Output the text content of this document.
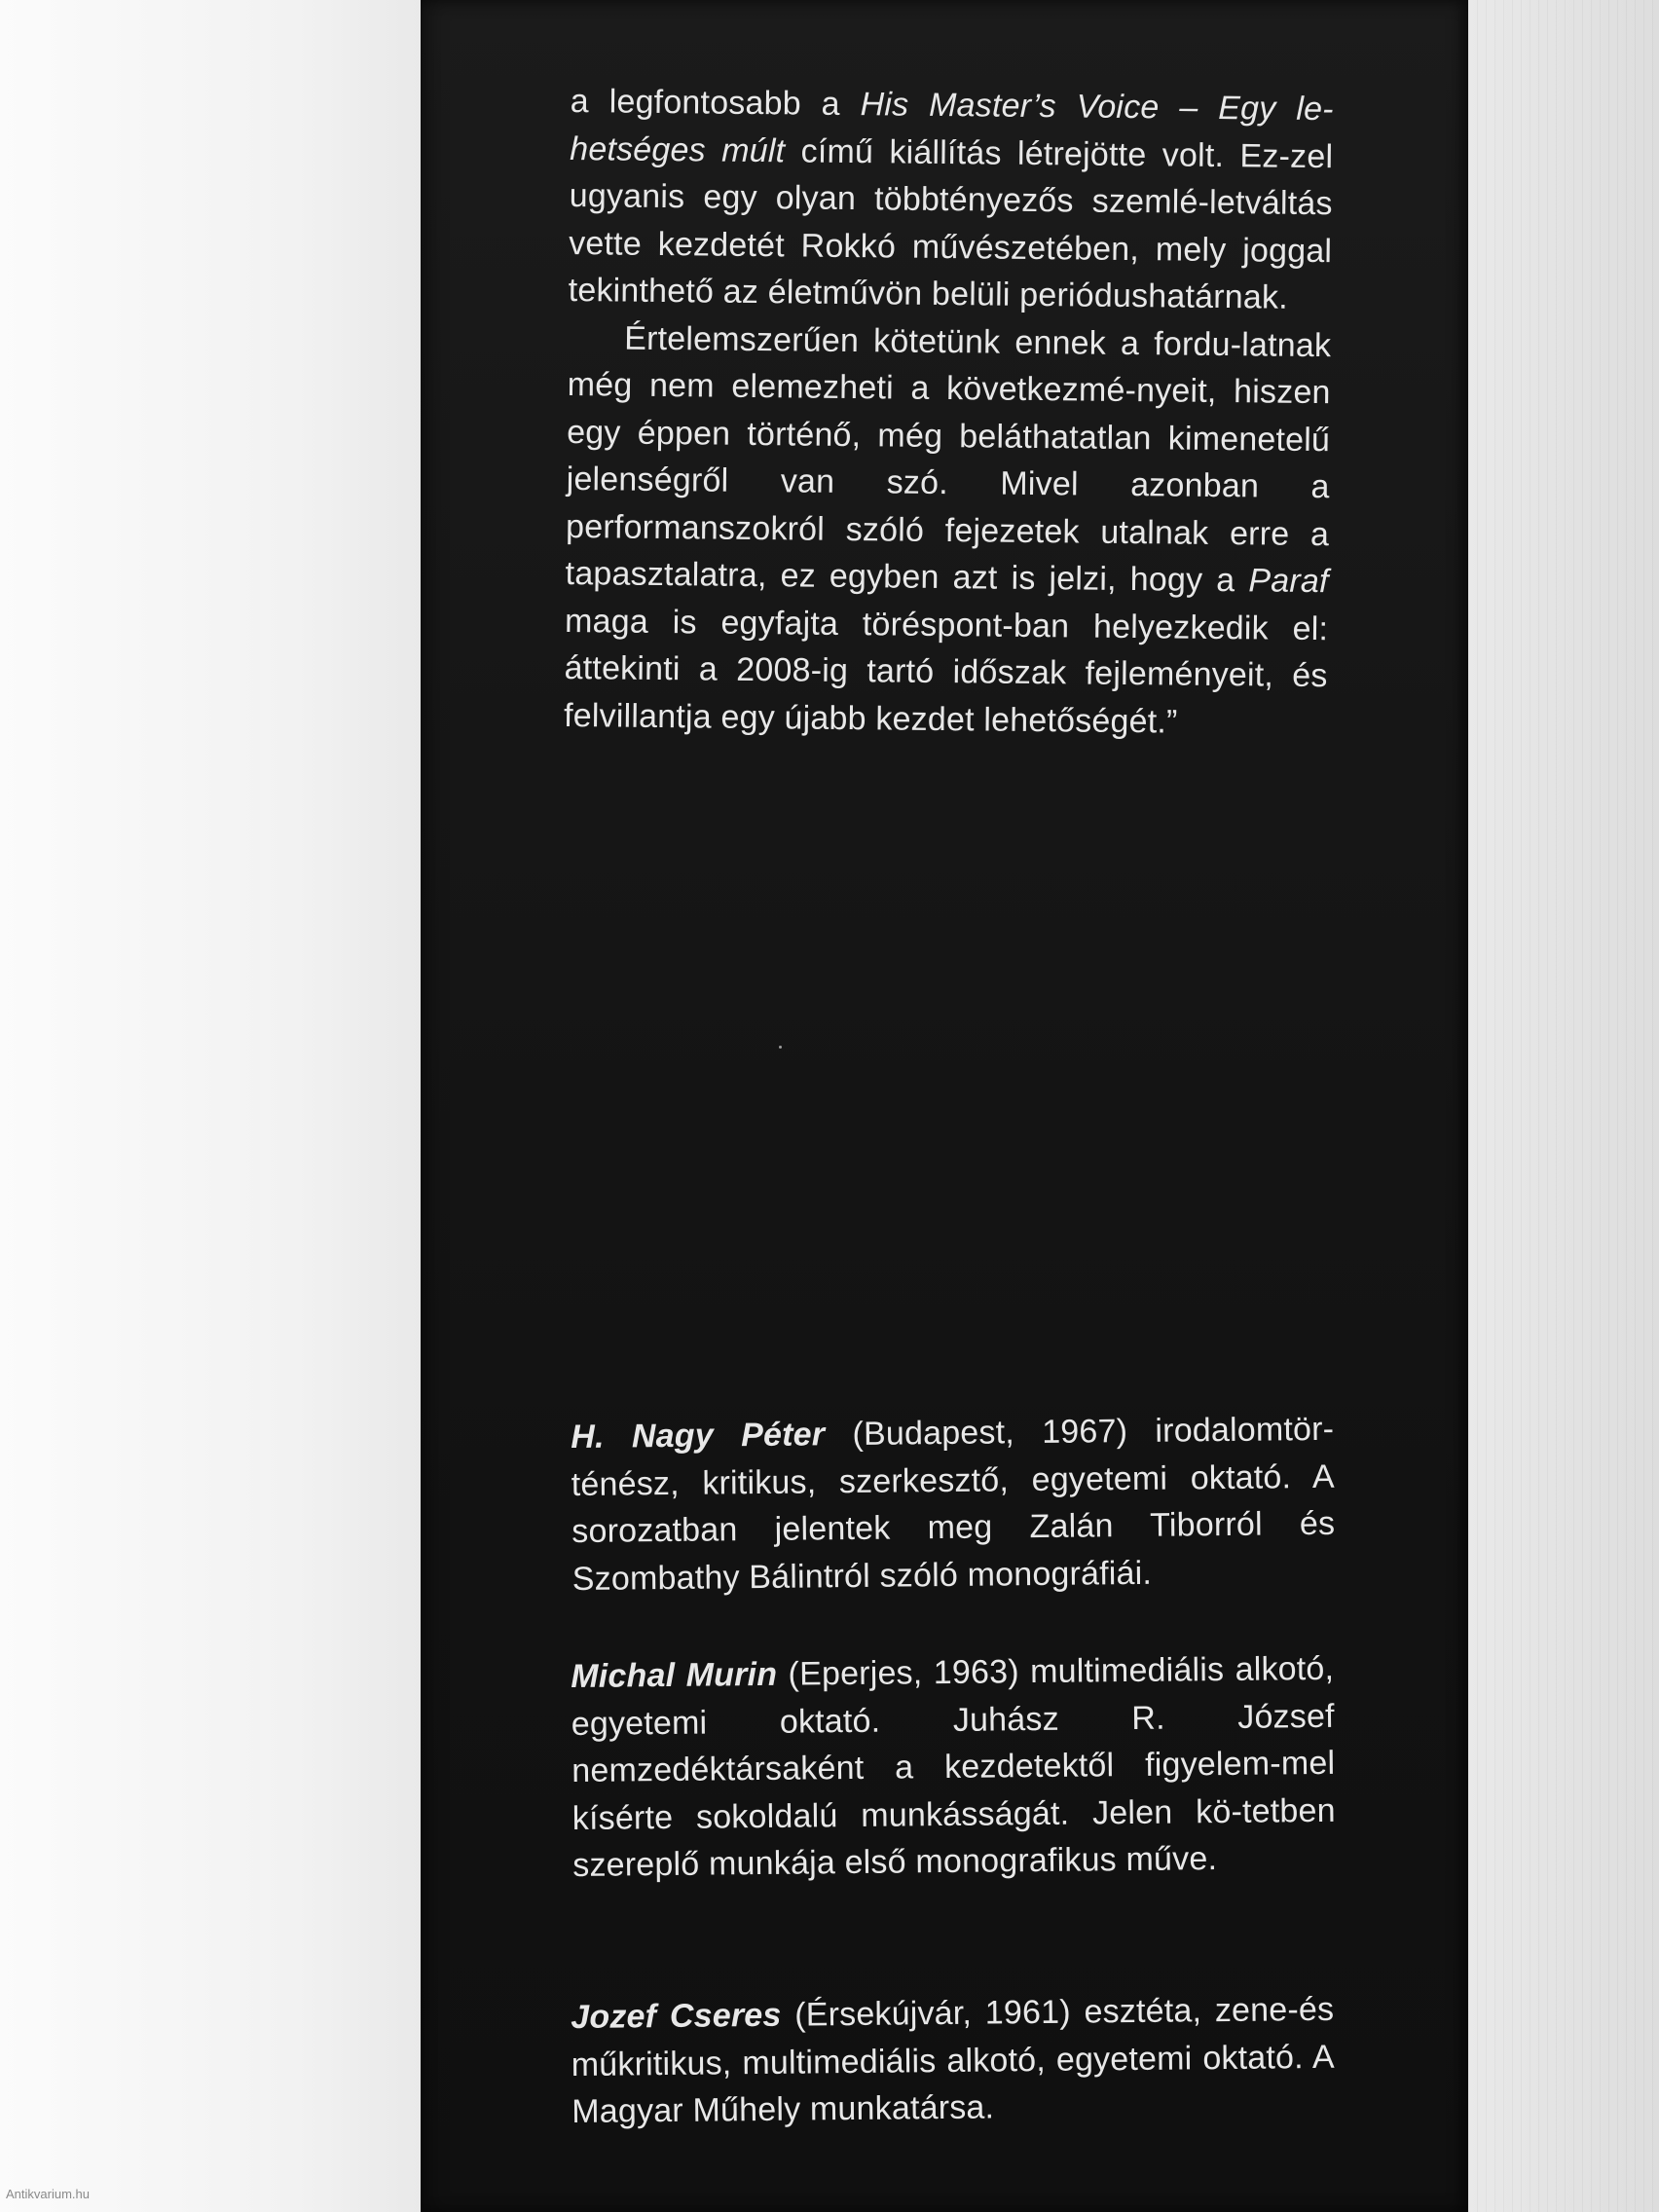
a legfontosabb a His Master’s Voice – Egy le-hetséges múlt című kiállítás létrejötte volt. Ez-zel ugyanis egy olyan többtényezős szemlé-letváltás vette kezdetét Rokkó művészetében, mely joggal tekinthető az életművön belüli periódushatárnak.

Értelemszerűen kötetünk ennek a fordu-latnak még nem elemezheti a következmé-nyeit, hiszen egy éppen történő, még beláthatatlan kimenetelű jelenségről van szó. Mivel azonban a performanszokról szóló fejezetek utalnak erre a tapasztalatra, ez egyben azt is jelzi, hogy a Paraf maga is egyfajta töréspont-ban helyezkedik el: áttekinti a 2008-ig tartó időszak fejleményeit, és felvillantja egy újabb kezdet lehetőségét.”

H. Nagy Péter (Budapest, 1967) irodalomtör-ténész, kritikus, szerkesztő, egyetemi oktató. A sorozatban jelentek meg Zalán Tiborról és Szombathy Bálintról szóló monográfiái.

Michal Murin (Eperjes, 1963) multimediális alkotó, egyetemi oktató. Juhász R. József nemzedéktársaként a kezdetektől figyelem-mel kísérte sokoldalú munkásságát. Jelen kö-tetben szereplő munkája első monografikus műve.

Jozef Cseres (Érsekújvár, 1961) esztéta, zene-és műkritikus, multimediális alkotó, egyetemi oktató. A Magyar Műhely munkatársa.

Antikvarium.hu
